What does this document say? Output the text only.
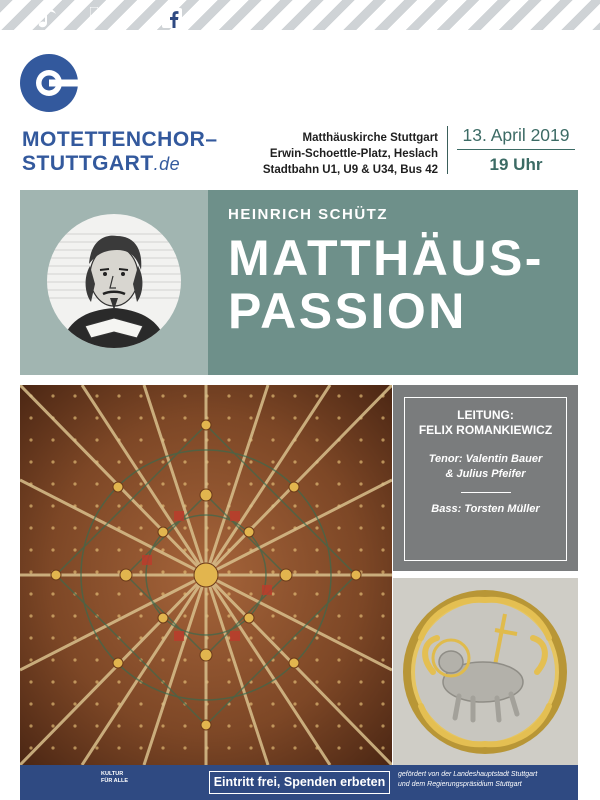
MOTETTENCHOR–
STUTTGART.de
Matthäuskirche Stuttgart
Erwin-Schoettle-Platz, Heslach
Stadtbahn U1, U9 & U34, Bus 42
13. April 2019
19 Uhr
HEINRICH SCHÜTZ
MATTHÄUS-
PASSION
LEITUNG:
FELIX ROMANKIEWICZ
Tenor: Valentin Bauer
& Julius Pfeifer
Bass: Torsten Müller
KULTUR
FÜR ALLE	Eintritt frei, Spenden erbeten
gefördert von der Landeshauptstadt Stuttgart
und dem Regierungspräsidium Stuttgart
